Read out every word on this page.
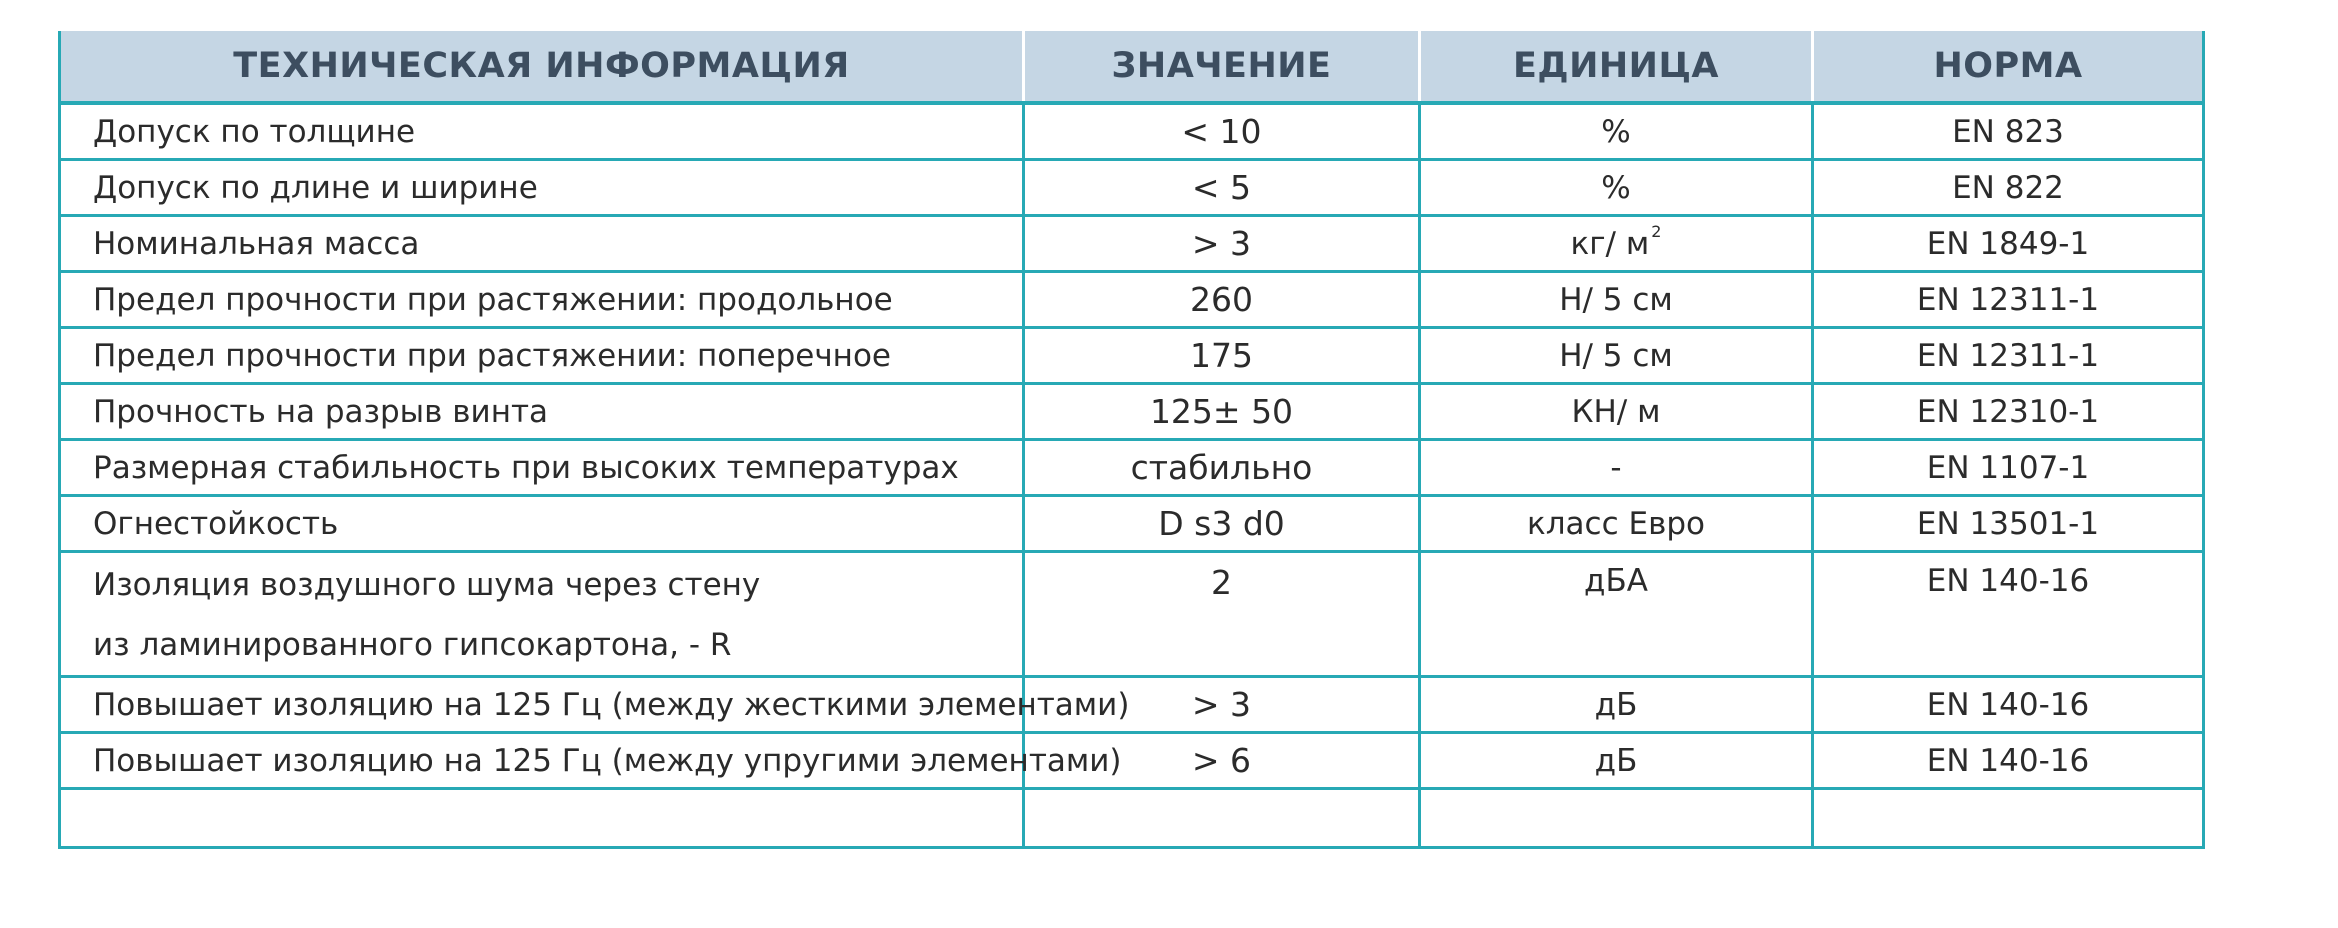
ТЕХНИЧЕСКАЯ ИНФОРМАЦИЯ	ЗНАЧЕНИЕ	ЕДИНИЦА	НОРМА
Допуск по толщине	< 10	%	EN 823
Допуск по длине и ширине	< 5	%	EN 822
Номинальная масса	> 3	кг/ м $^2$	EN 1849-1
Предел прочности при растяжении: продольное	260	Н/ 5 см	EN 12311-1
Предел прочности при растяжении: поперечное	175	Н/ 5 см	EN 12311-1
Прочность на разрыв винта	125± 50	КН/ м	EN 12310-1
Размерная стабильность при высоких температурах	стабильно	-	EN 1107-1
Огнестойкость	D s3 d0	класс Евро	EN 13501-1

Изоляция воздушного шума через стену
из ламинированного гипсокартона, - R	2	дБА	EN 140-16
Повышает изоляцию на 125 Гц (между жесткими элементами)	> 3	дБ	EN 140-16
Повышает изоляцию на 125 Гц (между упругими элементами)	> 6	дБ	EN 140-16
